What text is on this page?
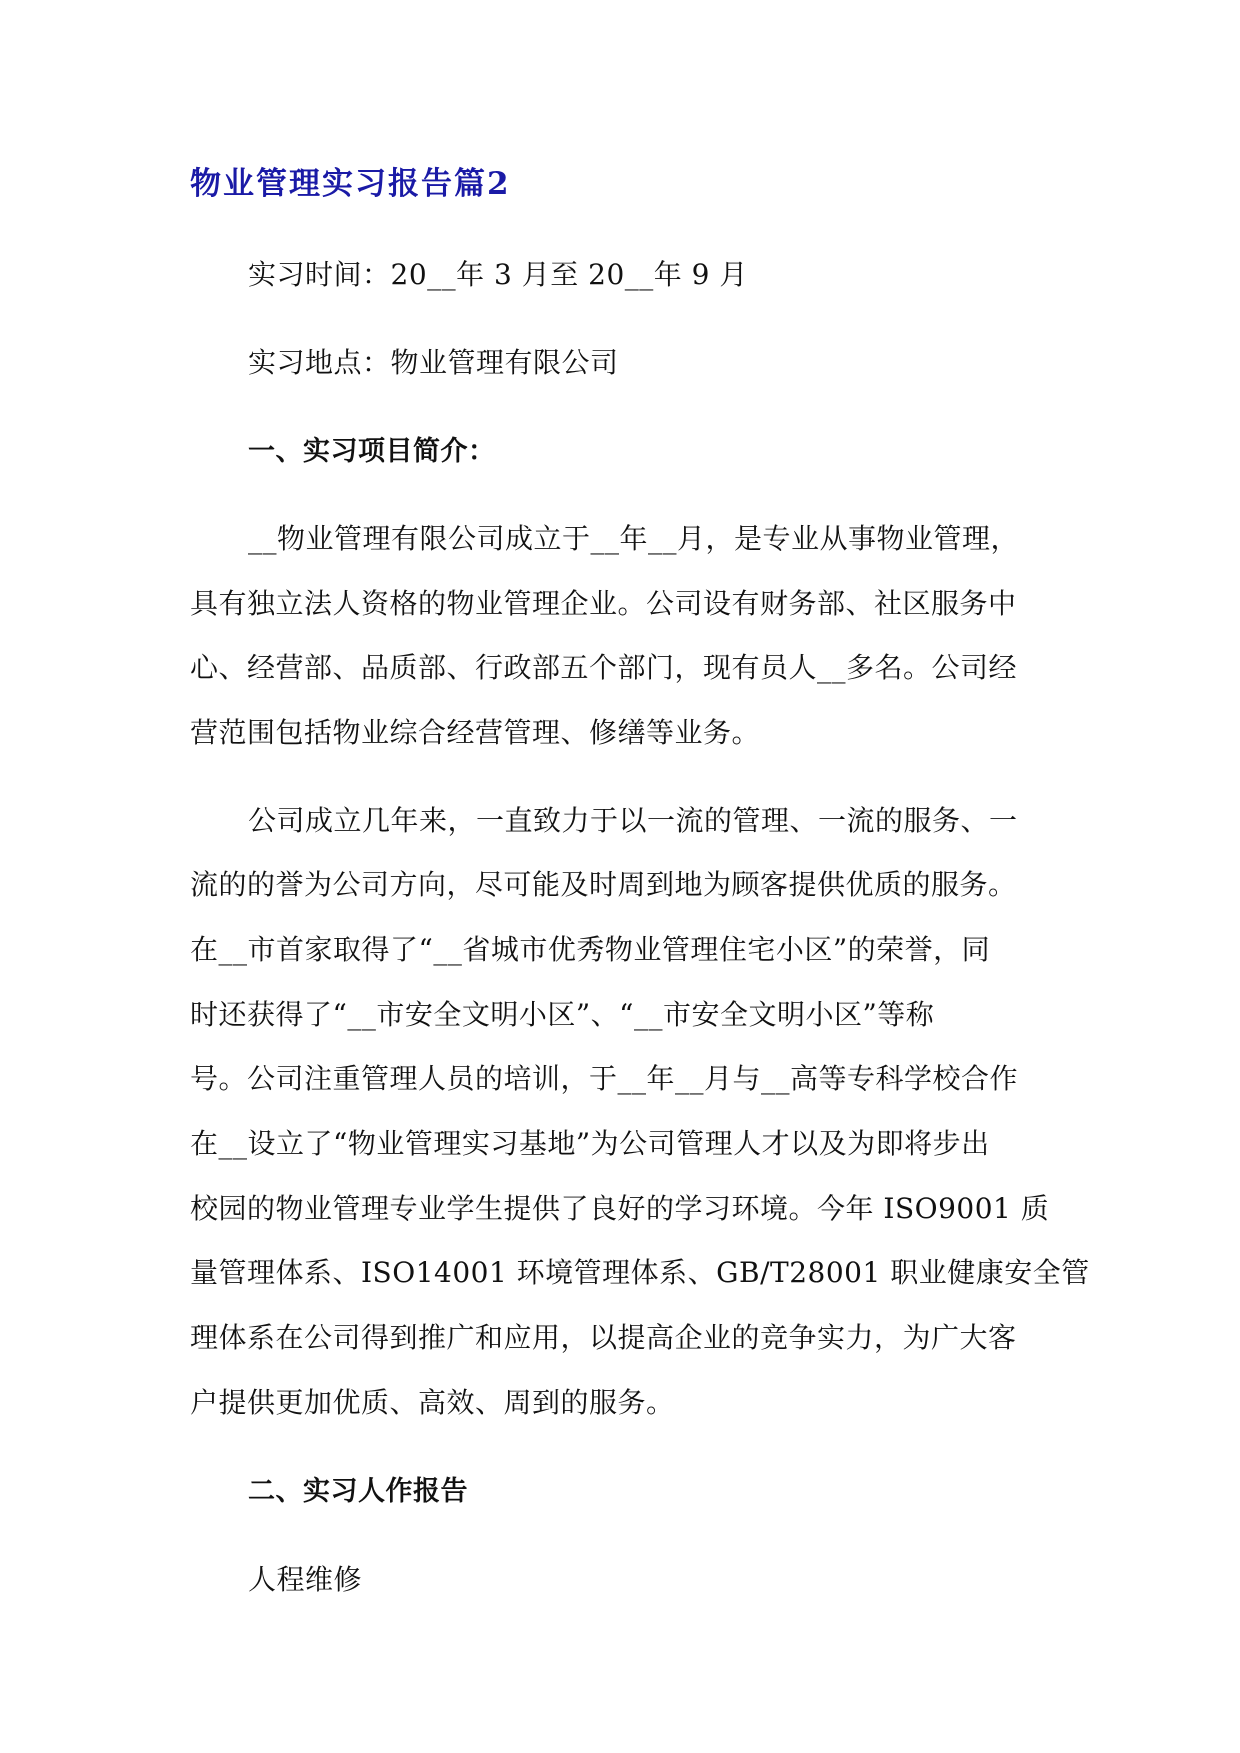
物业管理实习报告篇2
实习时间：20__年 3 月至 20__年 9 月
实习地点：物业管理有限公司
一、实习项目简介：
__物业管理有限公司成立于__年__月，是专业从事物业管理，
具有独立法人资格的物业管理企业。公司设有财务部、社区服务中
心、经营部、品质部、行政部五个部门，现有员人__多名。公司经
营范围包括物业综合经营管理、修缮等业务。
公司成立几年来，一直致力于以一流的管理、一流的服务、一
流的的誉为公司方向，尽可能及时周到地为顾客提供优质的服务。
在__市首家取得了“__省城市优秀物业管理住宅小区”的荣誉，同
时还获得了“__市安全文明小区”、“__市安全文明小区”等称
号。公司注重管理人员的培训，于__年__月与__高等专科学校合作
在__设立了“物业管理实习基地”为公司管理人才以及为即将步出
校园的物业管理专业学生提供了良好的学习环境。今年 ISO9001 质
量管理体系、ISO14001 环境管理体系、GB/T28001 职业健康安全管
理体系在公司得到推广和应用，以提高企业的竞争实力，为广大客
户提供更加优质、高效、周到的服务。
二、实习人作报告
人程维修
